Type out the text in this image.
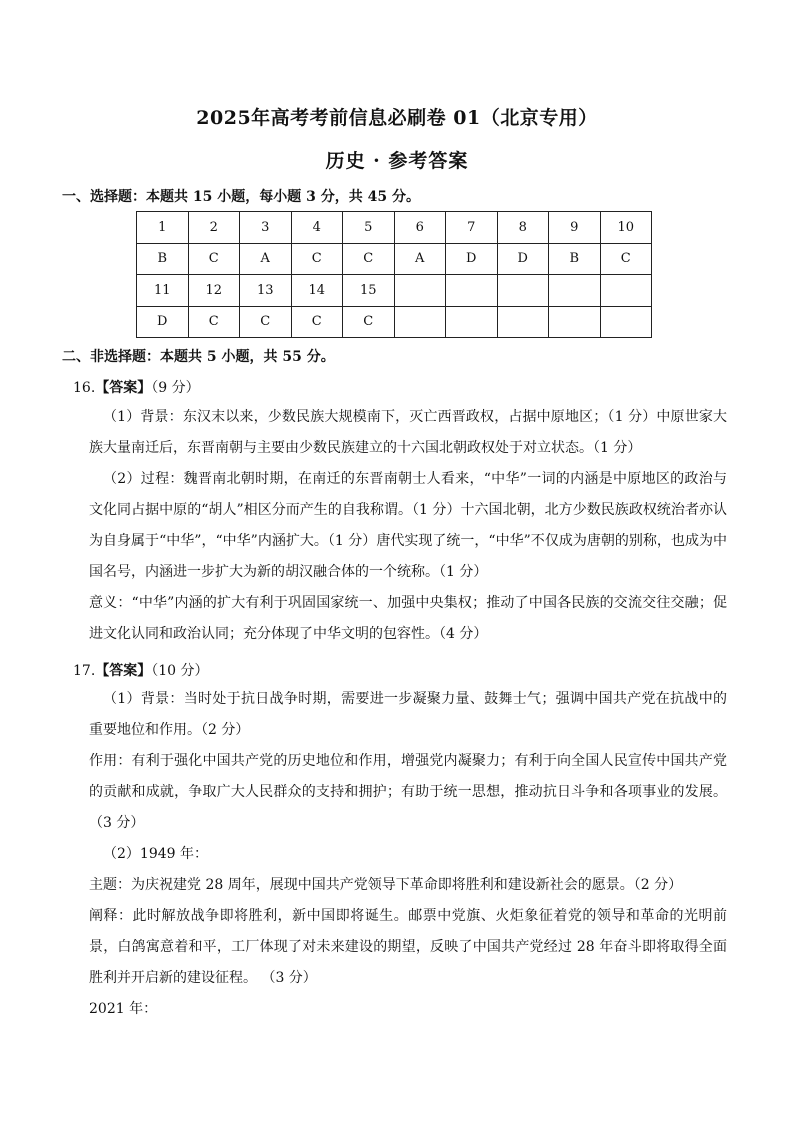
2025年高考考前信息必刷卷 01（北京专用）
历史 · 参考答案
一、选择题：本题共 15 小题，每小题 3 分，共 45 分。
1	2	3	4	5	6	7	8	9	10
B	C	A	C	C	A	D	D	B	C
11	12	13	14	15					
D	C	C	C	C					
二、非选择题：本题共 5 小题，共 55 分。
16.【答案】（9 分）

（1）背景：东汉末以来，少数民族大规模南下，灭亡西晋政权，占据中原地区；（1 分）中原世家大族大量南迁后，东晋南朝与主要由少数民族建立的十六国北朝政权处于对立状态。（1 分）

（2）过程：魏晋南北朝时期，在南迁的东晋南朝士人看来，“中华”一词的内涵是中原地区的政治与文化同占据中原的“胡人”相区分而产生的自我称谓。（1 分）十六国北朝，北方少数民族政权统治者亦认为自身属于“中华”，“中华”内涵扩大。（1 分）唐代实现了统一，“中华”不仅成为唐朝的别称，也成为中国名号，内涵进一步扩大为新的胡汉融合体的一个统称。（1 分）

意义：“中华”内涵的扩大有利于巩固国家统一、加强中央集权；推动了中国各民族的交流交往交融；促进文化认同和政治认同；充分体现了中华文明的包容性。（4 分）

17.【答案】（10 分）

（1）背景：当时处于抗日战争时期，需要进一步凝聚力量、鼓舞士气；强调中国共产党在抗战中的重要地位和作用。（2 分）

作用：有利于强化中国共产党的历史地位和作用，增强党内凝聚力；有利于向全国人民宣传中国共产党的贡献和成就，争取广大人民群众的支持和拥护；有助于统一思想，推动抗日斗争和各项事业的发展。（3 分）

（2）1949 年：

主题：为庆祝建党 28 周年，展现中国共产党领导下革命即将胜利和建设新社会的愿景。（2 分）

阐释：此时解放战争即将胜利，新中国即将诞生。邮票中党旗、火炬象征着党的领导和革命的光明前景，白鸽寓意着和平，工厂体现了对未来建设的期望，反映了中国共产党经过 28 年奋斗即将取得全面胜利并开启新的建设征程。 （3 分）

2021 年：
